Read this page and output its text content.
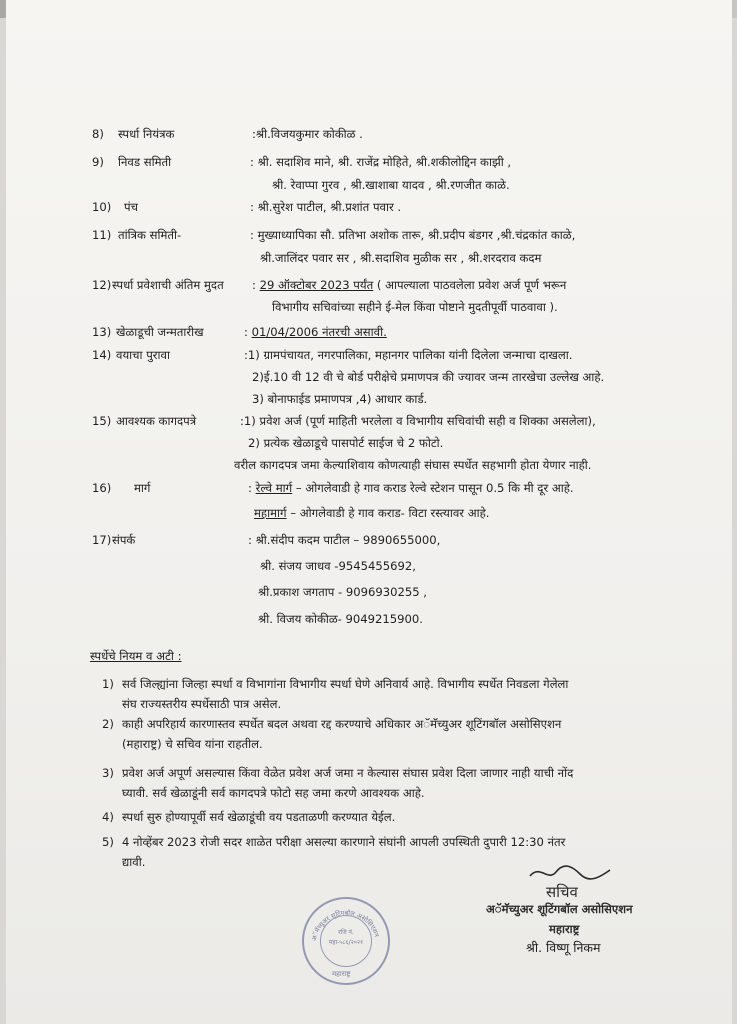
8) स्पर्धा नियंत्रक	:श्री.विजयकुमार कोकीळ .
9) निवड समिती	: श्री. सदाशिव माने, श्री. राजेंद्र मोहिते, श्री.शकीलोद्दिन काझी ,
श्री. रेवाप्पा गुरव , श्री.खाशाबा यादव , श्री.रणजीत काळे.
10) पंच	: श्री.सुरेश पाटील, श्री.प्रशांत पवार .
11) तांत्रिक समिती-	: मुख्याध्यापिका सौ. प्रतिभा अशोक तारू, श्री.प्रदीप बंडगर ,श्री.चंद्रकांत काळे,
श्री.जालिंदर पवार सर , श्री.सदाशिव मुळीक सर , श्री.शरदराव कदम
12) स्पर्धा प्रवेशाची अंतिम मुदत : 29 ऑक्टोबर 2023 पर्यंत ( आपल्याला पाठवलेला प्रवेश अर्ज पूर्ण भरून
विभागीय सचिवांच्या सहीने ई-मेल किंवा पोष्टाने मुदतीपूर्वी पाठवावा ).
13) खेळाडूची जन्मतारीख	: 01/04/2006 नंतरची असावी.
14) वयाचा पुरावा	:1) ग्रामपंचायत, नगरपालिका, महानगर पालिका यांनी दिलेला जन्माचा दाखला.
2)ई.10 वी 12 वी चे बोर्ड परीक्षेचे प्रमाणपत्र की ज्यावर जन्म तारखेचा उल्लेख आहे.
3) बोनाफाईड प्रमाणपत्र ,4) आधार कार्ड.
15) आवश्यक कागदपत्रे	:1) प्रवेश अर्ज (पूर्ण माहिती भरलेला व विभागीय सचिवांची सही व शिक्का असलेला),
2) प्रत्येक खेळाडूचे पासपोर्ट साईज चे 2 फोटो.
वरील कागदपत्र जमा केल्याशिवाय कोणत्याही संघास स्पर्धेत सहभागी होता येणार नाही.
16) मार्ग	: रेल्वे मार्ग – ओगलेवाडी हे गाव कराड रेल्वे स्टेशन पासून 0.5 कि मी दूर आहे.
महामार्ग – ओगलेवाडी हे गाव कराड- विटा रस्त्यावर आहे.
17) संपर्क	: श्री.संदीप कदम पाटील – 9890655000,
श्री. संजय जाधव -9545455692,
श्री.प्रकाश जगताप - 9096930255 ,
श्री. विजय कोकीळ- 9049215900.
स्पर्धेचे नियम व अटी :
1) सर्व जिल्ह्यांना जिल्हा स्पर्धा व विभागांना विभागीय स्पर्धा घेणे अनिवार्य आहे. विभागीय स्पर्धेत निवडला गेलेला
संघ राज्यस्तरीय स्पर्धेसाठी पात्र असेल.
2) काही अपरिहार्य कारणास्तव स्पर्धेत बदल अथवा रद्द करण्याचे अधिकार अॅमॅच्युअर शूटिंगबॉल असोसिएशन
(महाराष्ट्र) चे सचिव यांना राहतील.
3) प्रवेश अर्ज अपूर्ण असल्यास किंवा वेळेत प्रवेश अर्ज जमा न केल्यास संघास प्रवेश दिला जाणार नाही याची नोंद
घ्यावी. सर्व खेळाडूंनी सर्व कागदपत्रे फोटो सह जमा करणे आवश्यक आहे.
4) स्पर्धा सुरु होण्यापूर्वी सर्व खेळाडूंची वय पडताळणी करण्यात येईल.
5) 4 नोव्हेंबर 2023 रोजी सदर शाळेत परीक्षा असल्या कारणाने संघांनी आपली उपस्थिती दुपारी 12:30 नंतर
द्यावी.
सचिव
अॅमॅच्युअर शूटिंगबॉल असोसिएशन
महाराष्ट्र
श्री. विष्णू निकम
अॅमॅच्युअर शूटिंगबॉल असोसिएशन
रजि नं.
महा-५८६/२०२१
महाराष्ट्र
